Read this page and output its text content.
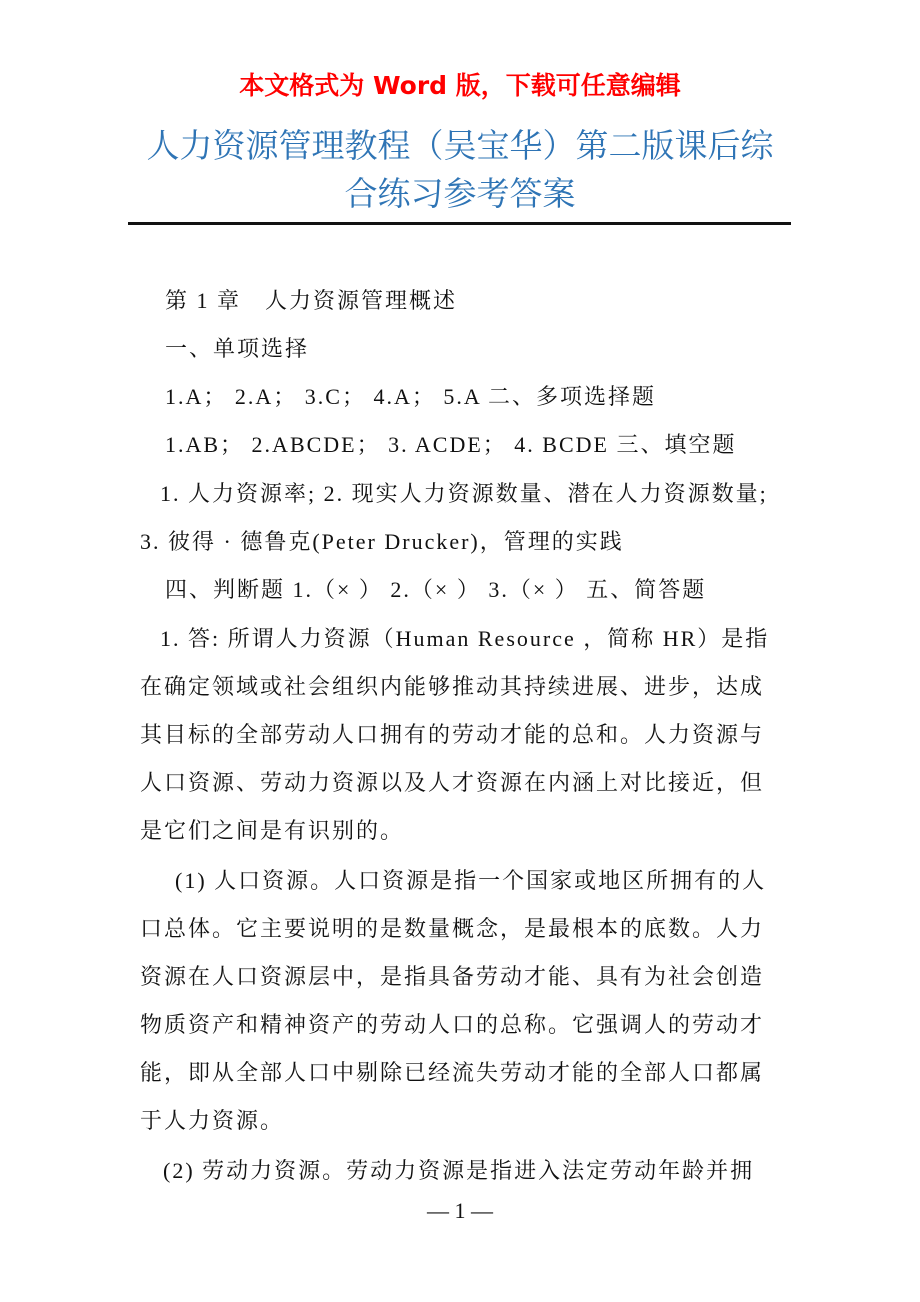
本文格式为 Word 版，下载可任意编辑
人力资源管理教程（吴宝华）第二版课后综
合练习参考答案
第 1 章　人力资源管理概述
一、单项选择
1.A； 2.A； 3.C； 4.A； 5.A 二、多项选择题
1.AB； 2.ABCDE； 3. ACDE； 4. BCDE 三、填空题
1. 人力资源率; 2. 现实人力资源数量、潜在人力资源数量;
3. 彼得 · 德鲁克(Peter Drucker)，管理的实践
四、判断题 1.（× ） 2.（× ） 3.（× ） 五、简答题
1. 答: 所谓人力资源（Human Resource ，简称 HR）是指
在确定领域或社会组织内能够推动其持续进展、进步，达成
其目标的全部劳动人口拥有的劳动才能的总和。人力资源与
人口资源、劳动力资源以及人才资源在内涵上对比接近，但
是它们之间是有识别的。
(1) 人口资源。人口资源是指一个国家或地区所拥有的人
口总体。它主要说明的是数量概念，是最根本的底数。人力
资源在人口资源层中，是指具备劳动才能、具有为社会创造
物质资产和精神资产的劳动人口的总称。它强调人的劳动才
能，即从全部人口中剔除已经流失劳动才能的全部人口都属
于人力资源。
(2) 劳动力资源。劳动力资源是指进入法定劳动年龄并拥
— 1 —
